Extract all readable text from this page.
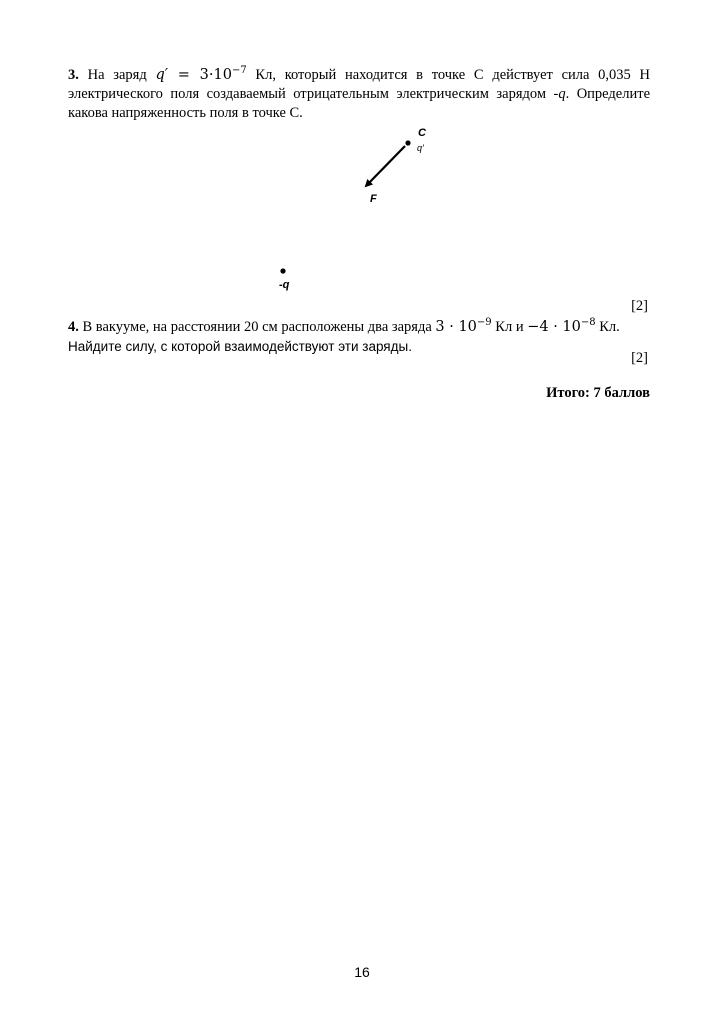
3. На заряд $q' = 3\cdot 10^{-7}$ Кл, который находится в точке С действует сила 0,035 Н
электрического поля создаваемый отрицательным электрическим зарядом -q. Определите
какова напряженность поля в точке С.
C
q′
F
-q
[2]
4. В вакууме, на расстоянии 20 см расположены два заряда $3 \cdot 10^{-9}$ Кл $и -4 \cdot 10^{-8}$ Кл.
Найдите силу, с которой взаимодействуют эти заряды.
[2]
Итого: 7 баллов
16
